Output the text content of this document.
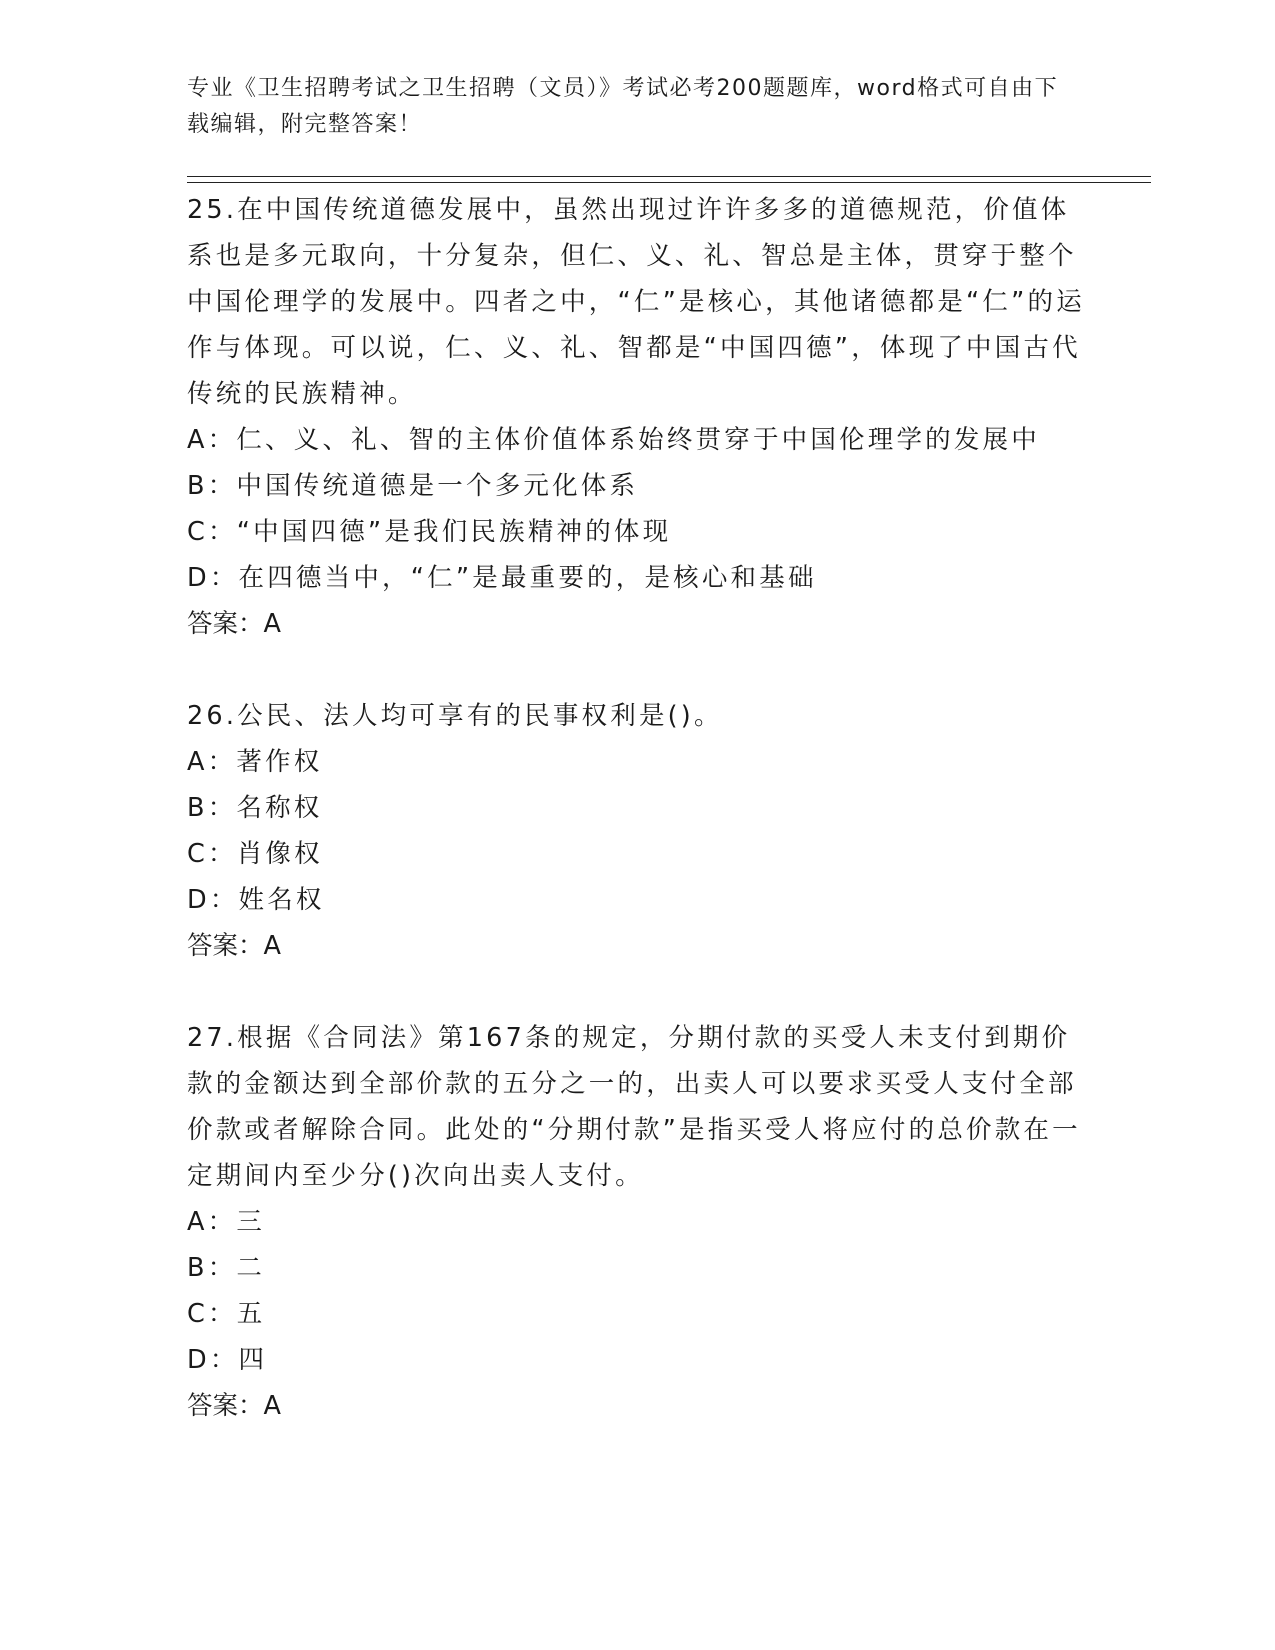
专业《卫生招聘考试之卫生招聘（文员）》考试必考200题题库，word格式可自由下载编辑，附完整答案！

25.在中国传统道德发展中，虽然出现过许许多多的道德规范，价值体系也是多元取向，十分复杂，但仁、义、礼、智总是主体，贯穿于整个中国伦理学的发展中。四者之中，“仁”是核心，其他诸德都是“仁”的运作与体现。可以说，仁、义、礼、智都是“中国四德”，体现了中国古代传统的民族精神。

A：仁、义、礼、智的主体价值体系始终贯穿于中国伦理学的发展中

B：中国传统道德是一个多元化体系

C：“中国四德”是我们民族精神的体现

D：在四德当中，“仁”是最重要的，是核心和基础

答案：A

26.公民、法人均可享有的民事权利是()。

A：著作权

B：名称权

C：肖像权

D：姓名权

答案：A

27.根据《合同法》第167条的规定，分期付款的买受人未支付到期价款的金额达到全部价款的五分之一的，出卖人可以要求买受人支付全部价款或者解除合同。此处的“分期付款”是指买受人将应付的总价款在一定期间内至少分()次向出卖人支付。

A：三

B：二

C：五

D：四

答案：A
